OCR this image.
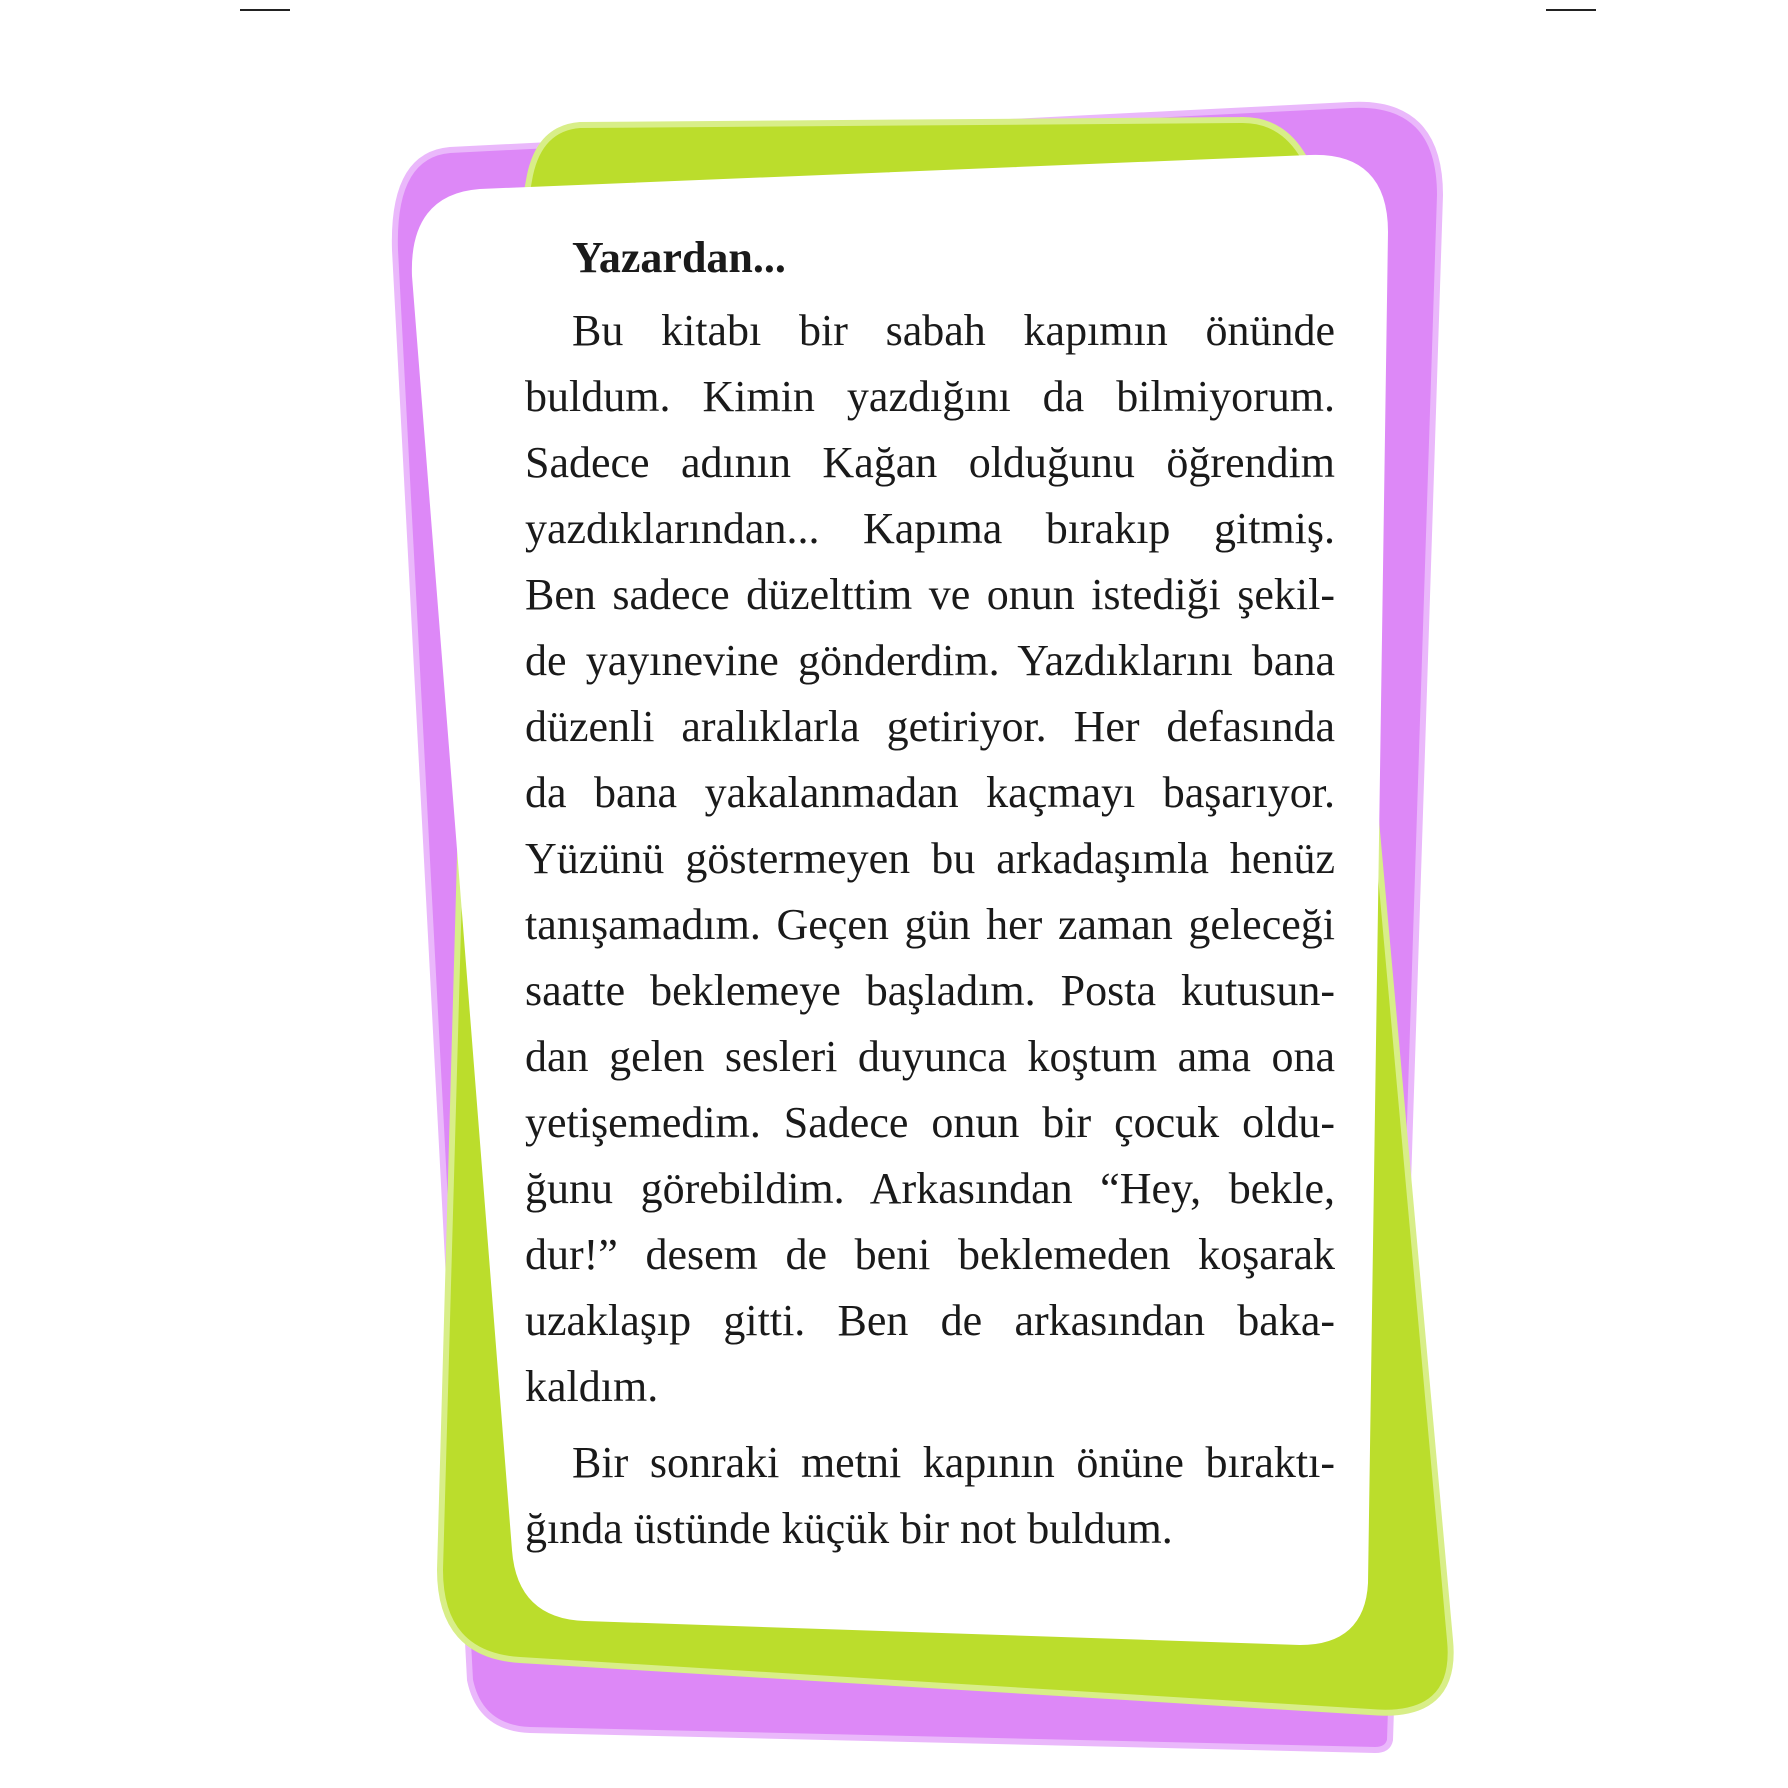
Yazardan...

Bu kitabı bir sabah kapımın önünde
buldum. Kimin yazdığını da bilmiyorum.
Sadece adının Kağan olduğunu öğrendim
yazdıklarından... Kapıma bırakıp gitmiş.
Ben sadece düzelttim ve onun istediği şekil-
de yayınevine gönderdim. Yazdıklarını bana
düzenli aralıklarla getiriyor. Her defasında
da bana yakalanmadan kaçmayı başarıyor.
Yüzünü göstermeyen bu arkadaşımla henüz
tanışamadım. Geçen gün her zaman geleceği
saatte beklemeye başladım. Posta kutusun-
dan gelen sesleri duyunca koştum ama ona
yetişemedim. Sadece onun bir çocuk oldu-
ğunu görebildim. Arkasından “Hey, bekle,
dur!” desem de beni beklemeden koşarak
uzaklaşıp gitti. Ben de arkasından baka-
kaldım.

Bir sonraki metni kapının önüne bıraktı-
ğında üstünde küçük bir not buldum.
